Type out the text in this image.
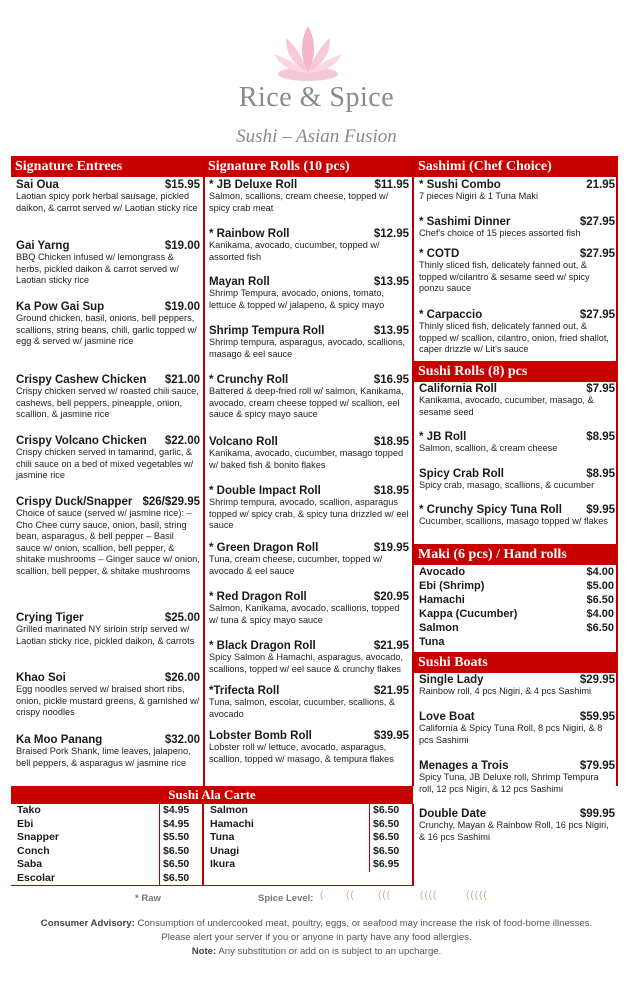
Rice & Spice
Sushi – Asian Fusion
Signature Entrees
Sai Oua	$15.95
Laotian spicy pork herbal sausage, pickled daikon, & carrot served w/ Laotian sticky rice
Gai Yarng	$19.00
BBQ Chicken infused w/ lemongrass & herbs, pickled daikon & carrot served w/ Laotian sticky rice
Ka Pow Gai Sup	$19.00
Ground chicken, basil, onions, bell peppers, scallions, string beans, chili, garlic topped w/ egg & served w/ jasmine rice
Crispy Cashew Chicken $21.00
Crispy chicken served w/ roasted chili sauce, cashews, bell peppers, pineapple, onion, scallion, & jasmine rice
Crispy Volcano Chicken $22.00
Crispy chicken served in tamarind, garlic, & chili sauce on a bed of mixed vegetables w/ jasmine rice
Crispy Duck/Snapper $26/$29.95
Choice of sauce (served w/ jasmine rice): – Cho Chee curry sauce, onion, basil, string bean, asparagus, & bell pepper – Basil sauce w/ onion, scallion, bell pepper, & shitake mushrooms – Ginger sauce w/ onion, scallion, bell pepper, & shitake mushrooms
Crying Tiger	$25.00
Grilled marinated NY sirloin strip served w/ Laotian sticky rice, pickled daikon, & carrots
Khao Soi	$26.00
Egg noodles served w/ braised short ribs, onion, pickle mustard greens, & garnished w/ crispy noodles
Ka Moo Panang	$32.00
Braised Pork Shank, lime leaves, jalapeno, bell peppers, & asparagus w/ jasmine rice
Signature Rolls (10 pcs)
* JB Deluxe Roll	$11.95
Salmon, scallions, cream cheese, topped w/ spicy crab meat
* Rainbow Roll	$12.95
Kanikama, avocado, cucumber, topped w/ assorted fish
Mayan Roll	$13.95
Shrimp Tempura, avocado, onions, tomato, lettuce & topped w/ jalapeno, & spicy mayo
Shrimp Tempura Roll	$13.95
Shrimp tempura, asparagus, avocado, scallions, masago & eel sauce
* Crunchy Roll	$16.95
Battered & deep-fried roll w/ salmon, Kanikama, avocado, cream cheese topped w/ scallion, eel sauce & spicy mayo sauce
Volcano Roll	$18.95
Kanikama, avocado, cucumber, masago topped w/ baked fish & bonito flakes
* Double Impact Roll	$18.95
Shrimp tempura, avocado, scallion, asparagus topped w/ spicy crab, & spicy tuna drizzled w/ eel sauce
* Green Dragon Roll	$19.95
Tuna, cream cheese, cucumber, topped w/ avocado & eel sauce
* Red Dragon Roll	$20.95
Salmon, Kanikama, avocado, scallions, topped w/ tuna & spicy mayo sauce
* Black Dragon Roll	$21.95
Spicy Salmon & Hamachi, asparagus, avocado, scallions, topped w/ eel sauce & crunchy flakes
*Trifecta Roll	$21.95
Tuna, salmon, escolar, cucumber, scallions, & avocado
Lobster Bomb Roll	$39.95
Lobster roll w/ lettuce, avocado, asparagus, scallion, topped w/ masago, & tempura flakes
Sashimi (Chef Choice)
* Sushi Combo	21.95
7 pieces Nigiri & 1 Tuna Maki
* Sashimi Dinner	$27.95
Chef's choice of 15 pieces assorted fish
* COTD	$27.95
Thinly sliced fish, delicately fanned out, & topped w/cilantro & sesame seed w/ spicy ponzu sauce
* Carpaccio	$27.95
Thinly sliced fish, delicately fanned out, & topped w/ scallion, cilantro, onion, fried shallot, caper drizzle w/ Lit's sauce
Sushi Rolls (8) pcs
California Roll	$7.95
Kanikama, avocado, cucumber, masago, & sesame seed
* JB Roll	$8.95
Salmon, scallion, & cream cheese
Spicy Crab Roll	$8.95
Spicy crab, masago, scallions, & cucumber
* Crunchy Spicy Tuna Roll $9.95
Cucumber, scallions, masago topped w/ flakes
Maki (6 pcs) / Hand rolls
Avocado	$4.00
Ebi (Shrimp)	$5.00
Hamachi	$6.50
Kappa (Cucumber)	$4.00
Salmon	$6.50
Tuna
Sushi Boats
Single Lady	$29.95
Rainbow roll, 4 pcs Nigiri, & 4 pcs Sashimi
Love Boat	$59.95
California & Spicy Tuna Roll, 8 pcs Nigiri, & 8 pcs Sashimi
Menages a Trois	$79.95
Spicy Tuna, JB Deluxe roll, Shrimp Tempura roll, 12 pcs Nigiri, & 12 pcs Sashimi
Double Date	$99.95
Crunchy, Mayan & Rainbow Roll, 16 pcs Nigiri, & 16 pcs Sashimi
Sushi Ala Carte
Tako	$4.95
Ebi	$4.95
Snapper	$5.50
Conch	$6.50
Saba	$6.50
Escolar	$6.50
Salmon	$6.50
Hamachi	$6.50
Tuna	$6.50
Unagi	$6.50
Ikura	$6.95
* Raw	Spice Level: ( (( (((	((((	(((((
Consumer Advisory: Consumption of undercooked meat, poultry, eggs, or seafood may increase the risk of food-borne illnesses.
Please alert your server if you or anyone in party have any food allergies.
Note: Any substitution or add on is subject to an upcharge.
